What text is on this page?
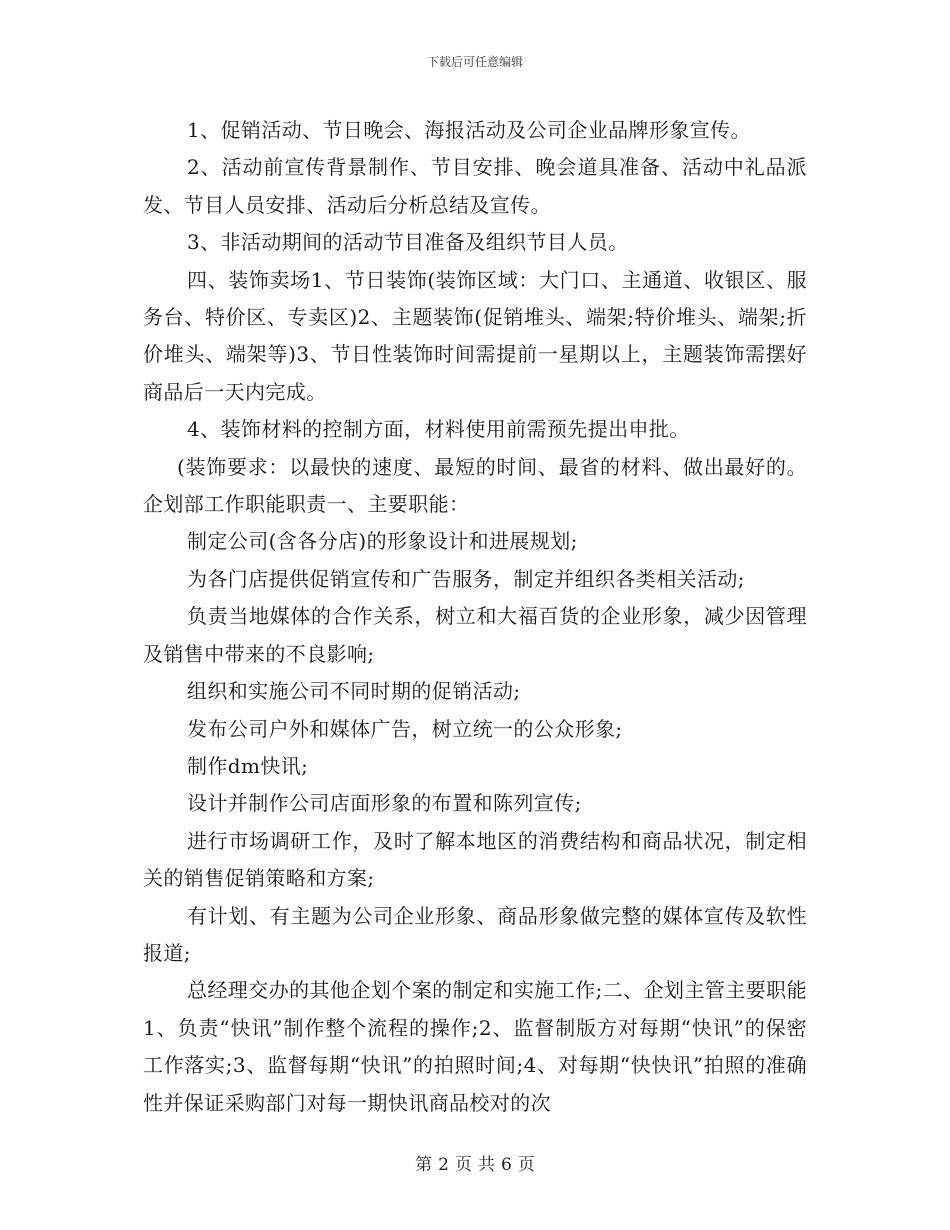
下载后可任意编辑

1、促销活动、节日晚会、海报活动及公司企业品牌形象宣传。

2、活动前宣传背景制作、节目安排、晚会道具准备、活动中礼品派发、节目人员安排、活动后分析总结及宣传。

3、非活动期间的活动节目准备及组织节目人员。

四、装饰卖场1、节日装饰(装饰区域：大门口、主通道、收银区、服务台、特价区、专卖区)2、主题装饰(促销堆头、端架;特价堆头、端架;折价堆头、端架等)3、节日性装饰时间需提前一星期以上，主题装饰需摆好商品后一天内完成。

4、装饰材料的控制方面，材料使用前需预先提出申批。

(装饰要求：以最快的速度、最短的时间、最省的材料、做出最好的。企划部工作职能职责一、主要职能：

制定公司(含各分店)的形象设计和进展规划;

为各门店提供促销宣传和广告服务，制定并组织各类相关活动;

负责当地媒体的合作关系，树立和大福百货的企业形象，减少因管理及销售中带来的不良影响;

组织和实施公司不同时期的促销活动;

发布公司户外和媒体广告，树立统一的公众形象;

制作dm快讯;

设计并制作公司店面形象的布置和陈列宣传;

进行市场调研工作，及时了解本地区的消费结构和商品状况，制定相关的销售促销策略和方案;

有计划、有主题为公司企业形象、商品形象做完整的媒体宣传及软性报道;

总经理交办的其他企划个案的制定和实施工作;二、企划主管主要职能1、负责“快讯”制作整个流程的操作;2、监督制版方对每期“快讯”的保密工作落实;3、监督每期“快讯”的拍照时间;4、对每期“快快讯”拍照的准确性并保证采购部门对每一期快讯商品校对的次

第 2 页 共 6 页
